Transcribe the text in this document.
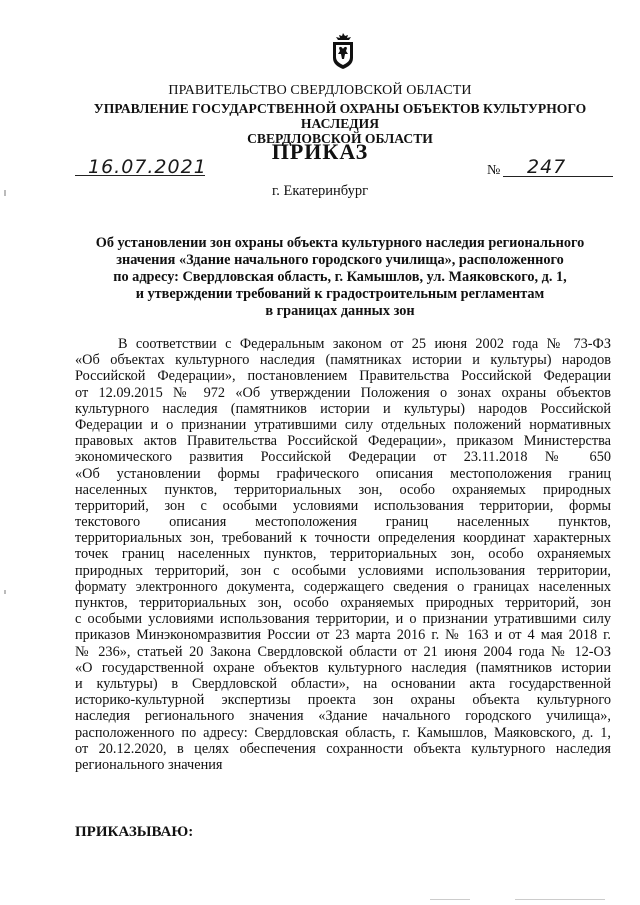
ПРАВИТЕЛЬСТВО СВЕРДЛОВСКОЙ ОБЛАСТИ
УПРАВЛЕНИЕ ГОСУДАРСТВЕННОЙ ОХРАНЫ ОБЪЕКТОВ КУЛЬТУРНОГО НАСЛЕДИЯ
СВЕРДЛОВСКОЙ ОБЛАСТИ
ПРИКАЗ
16.07.2021	№ 247
г. Екатеринбург
Об установлении зон охраны объекта культурного наследия регионального
значения «Здание начального городского училища», расположенного
по адресу: Свердловская область, г. Камышлов, ул. Маяковского, д. 1,
и утверждении требований к градостроительным регламентам
в границах данных зон
В соответствии с Федеральным законом от 25 июня 2002 года № 73-ФЗ
«Об объектах культурного наследия (памятниках истории и культуры) народов
Российской Федерации», постановлением Правительства Российской Федерации
от 12.09.2015 № 972 «Об утверждении Положения о зонах охраны объектов
культурного наследия (памятников истории и культуры) народов Российской
Федерации и о признании утратившими силу отдельных положений нормативных
правовых актов Правительства Российской Федерации», приказом Министерства
экономического развития Российской Федерации от 23.11.2018 № 650
«Об установлении формы графического описания местоположения границ
населенных пунктов, территориальных зон, особо охраняемых природных
территорий, зон с особыми условиями использования территории, формы
текстового описания местоположения границ населенных пунктов,
территориальных зон, требований к точности определения координат характерных
точек границ населенных пунктов, территориальных зон, особо охраняемых
природных территорий, зон с особыми условиями использования территории,
формату электронного документа, содержащего сведения о границах населенных
пунктов, территориальных зон, особо охраняемых природных территорий, зон
с особыми условиями использования территории, и о признании утратившими силу
приказов Минэкономразвития России от 23 марта 2016 г. № 163 и от 4 мая 2018 г.
№ 236», статьей 20 Закона Свердловской области от 21 июня 2004 года № 12-ОЗ
«О государственной охране объектов культурного наследия (памятников истории
и культуры) в Свердловской области», на основании акта государственной
историко-культурной экспертизы проекта зон охраны объекта культурного
наследия регионального значения «Здание начального городского училища»,
расположенного по адресу: Свердловская область, г. Камышлов, Маяковского, д. 1,
от 20.12.2020, в целях обеспечения сохранности объекта культурного наследия
регионального значения
ПРИКАЗЫВАЮ:
